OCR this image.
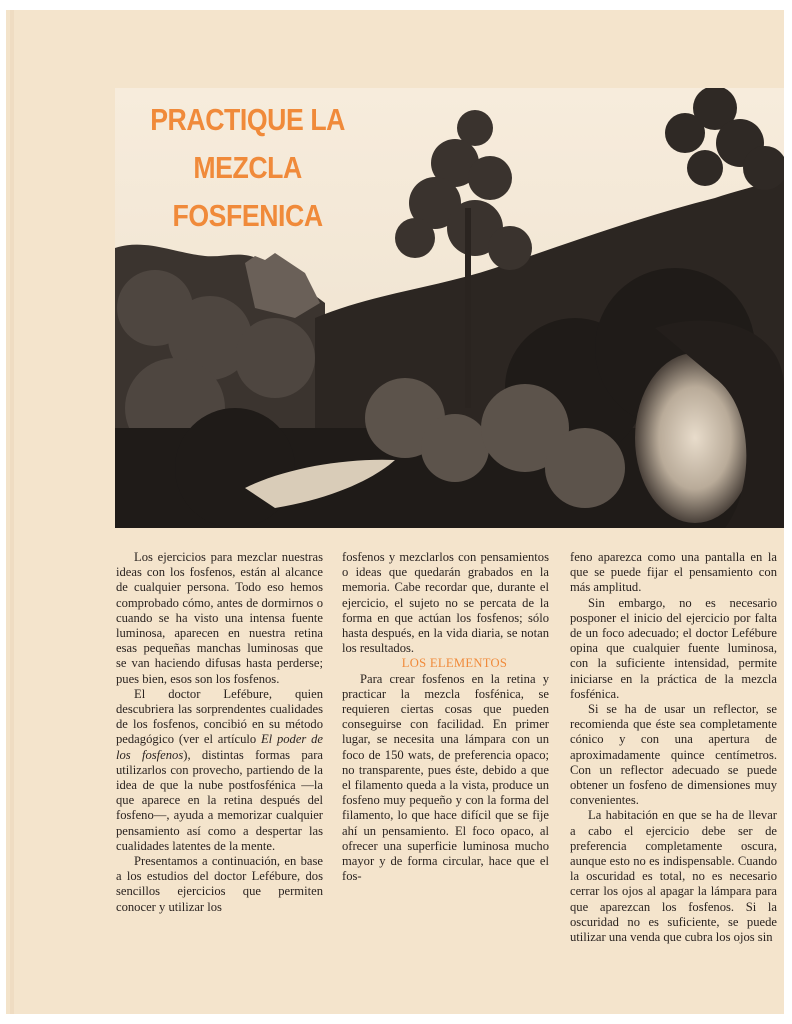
PRACTIQUE LA MEZCLA
FOSFENICA

Los ejercicios para mezclar nuestras ideas con los fosfenos, están al alcance de cualquier persona. Todo eso hemos comprobado cómo, antes de dormirnos o cuando se ha visto una intensa fuente luminosa, aparecen en nuestra retina esas pequeñas manchas luminosas que se van haciendo difusas hasta perderse; pues bien, esos son los fosfenos.

El doctor Lefébure, quien descubriera las sorprendentes cualidades de los fosfenos, concibió en su método pedagógico (ver el artículo El poder de los fosfenos), distintas formas para utilizarlos con provecho, partiendo de la idea de que la nube postfosfénica —la que aparece en la retina después del fosfeno—, ayuda a memorizar cualquier pensamiento así como a despertar las cualidades latentes de la mente.

Presentamos a continuación, en base a los estudios del doctor Lefébure, dos sencillos ejercicios que permiten conocer y utilizar los

fosfenos y mezclarlos con pensamientos o ideas que quedarán grabados en la memoria. Cabe recordar que, durante el ejercicio, el sujeto no se percata de la forma en que actúan los fosfenos; sólo hasta después, en la vida diaria, se notan los resultados.

LOS ELEMENTOS

Para crear fosfenos en la retina y practicar la mezcla fosfénica, se requieren ciertas cosas que pueden conseguirse con facilidad. En primer lugar, se necesita una lámpara con un foco de 150 wats, de preferencia opaco; no transparente, pues éste, debido a que el filamento queda a la vista, produce un fosfeno muy pequeño y con la forma del filamento, lo que hace difícil que se fije ahí un pensamiento. El foco opaco, al ofrecer una superficie luminosa mucho mayor y de forma circular, hace que el fos-

feno aparezca como una pantalla en la que se puede fijar el pensamiento con más amplitud.

Sin embargo, no es necesario posponer el inicio del ejercicio por falta de un foco adecuado; el doctor Lefébure opina que cualquier fuente luminosa, con la suficiente intensidad, permite iniciarse en la práctica de la mezcla fosfénica.

Si se ha de usar un reflector, se recomienda que éste sea completamente cónico y con una apertura de aproximadamente quince centímetros. Con un reflector adecuado se puede obtener un fosfeno de dimensiones muy convenientes.

La habitación en que se ha de llevar a cabo el ejercicio debe ser de preferencia completamente oscura, aunque esto no es indispensable. Cuando la oscuridad es total, no es necesario cerrar los ojos al apagar la lámpara para que aparezcan los fosfenos. Si la oscuridad no es suficiente, se puede utilizar una venda que cubra los ojos sin
